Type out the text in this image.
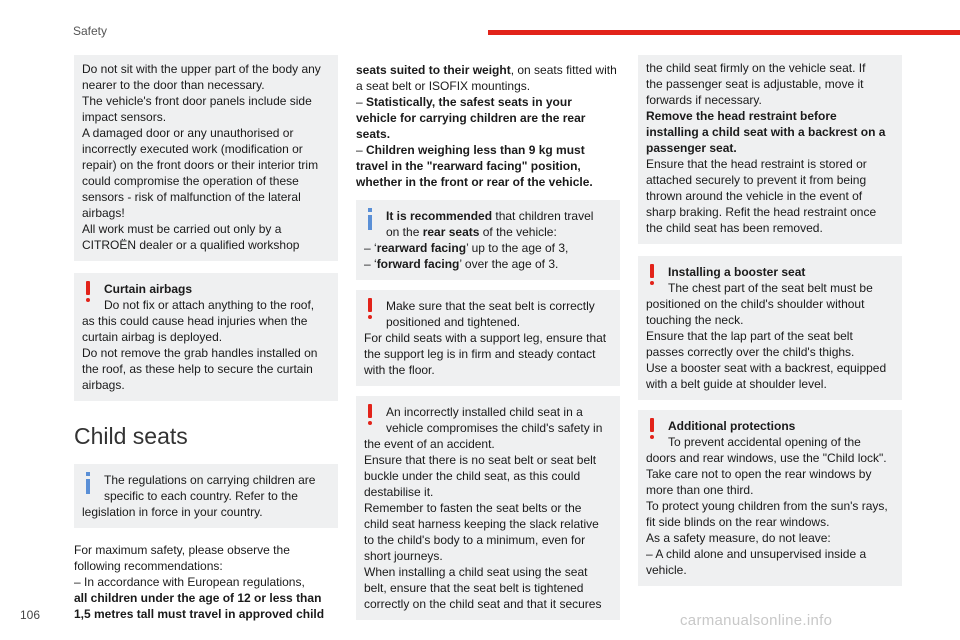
Safety

Do not sit with the upper part of the body any

nearer to the door than necessary.

The vehicle's front door panels include side

impact sensors.

A damaged door or any unauthorised or

incorrectly executed work (modification or

repair) on the front doors or their interior trim

could compromise the operation of these

sensors - risk of malfunction of the lateral

airbags!

All work must be carried out only by a

CITROËN dealer or a qualified workshop

Curtain airbags

Do not fix or attach anything to the roof,

as this could cause head injuries when the

curtain airbag is deployed.

Do not remove the grab handles installed on

the roof, as these help to secure the curtain

airbags.

Child seats

The regulations on carrying children are

specific to each country. Refer to the

legislation in force in your country.

For maximum safety, please observe the

following recommendations:

– In accordance with European regulations,

all children under the age of 12 or less than

1,5 metres tall must travel in approved child

seats suited to their weight, on seats fitted with

a seat belt or ISOFIX mountings.

– Statistically, the safest seats in your

vehicle for carrying children are the rear

seats.

– Children weighing less than 9 kg must

travel in the "rearward facing" position,

whether in the front or rear of the vehicle.

It is recommended that children travel

on the rear seats of the vehicle:

– ‘rearward facing’ up to the age of 3,

– ‘forward facing’ over the age of 3.

Make sure that the seat belt is correctly

positioned and tightened.

For child seats with a support leg, ensure that

the support leg is in firm and steady contact

with the floor.

An incorrectly installed child seat in a

vehicle compromises the child's safety in

the event of an accident.

Ensure that there is no seat belt or seat belt

buckle under the child seat, as this could

destabilise it.

Remember to fasten the seat belts or the

child seat harness keeping the slack relative

to the child's body to a minimum, even for

short journeys.

When installing a child seat using the seat

belt, ensure that the seat belt is tightened

correctly on the child seat and that it secures

the child seat firmly on the vehicle seat. If

the passenger seat is adjustable, move it

forwards if necessary.

Remove the head restraint before

installing a child seat with a backrest on a

passenger seat.

Ensure that the head restraint is stored or

attached securely to prevent it from being

thrown around the vehicle in the event of

sharp braking. Refit the head restraint once

the child seat has been removed.

Installing a booster seat

The chest part of the seat belt must be

positioned on the child's shoulder without

touching the neck.

Ensure that the lap part of the seat belt

passes correctly over the child's thighs.

Use a booster seat with a backrest, equipped

with a belt guide at shoulder level.

Additional protections

To prevent accidental opening of the

doors and rear windows, use the "Child lock".

Take care not to open the rear windows by

more than one third.

To protect young children from the sun's rays,

fit side blinds on the rear windows.

As a safety measure, do not leave:

– A child alone and unsupervised inside a

vehicle.

106	carmanualsonline.info
